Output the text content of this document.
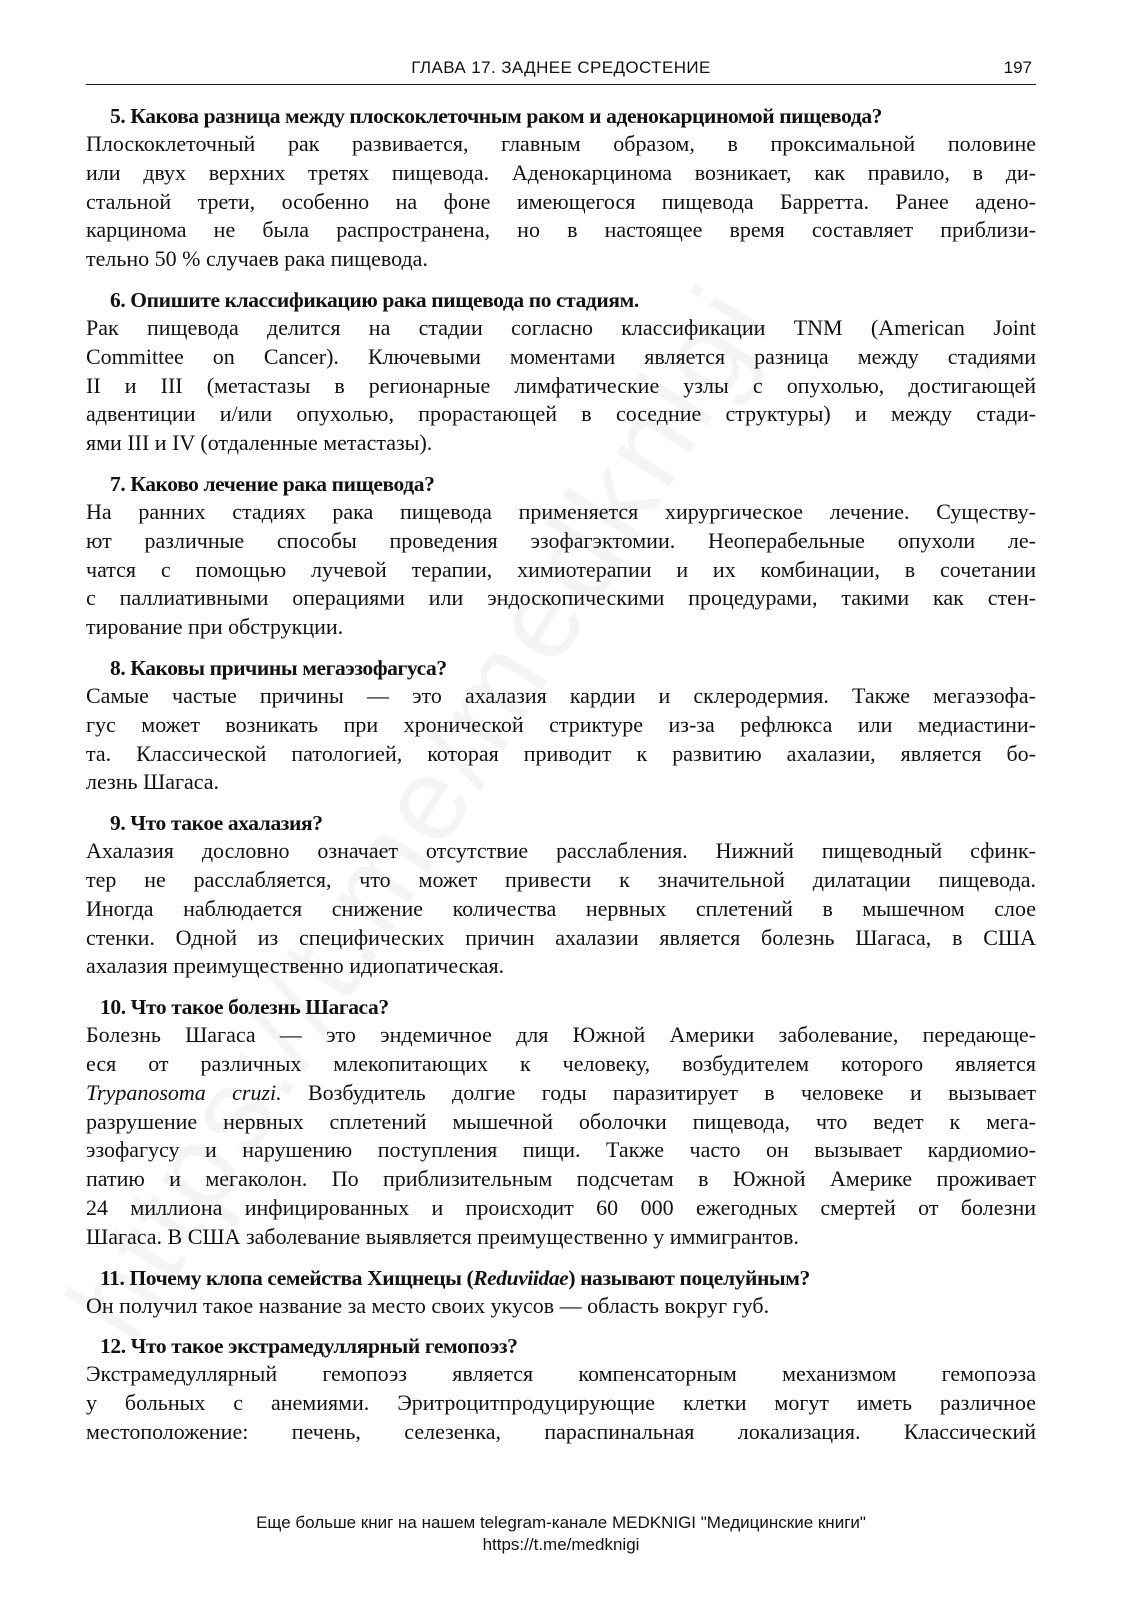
ГЛАВА 17. ЗАДНЕЕ СРЕДОСТЕНИЕ	197
5. Какова разница между плоскоклеточным раком и аденокарциномой пищевода?
Плоскоклеточный рак развивается, главным образом, в проксимальной половине
или двух верхних третях пищевода. Аденокарцинома возникает, как правило, в ди-
стальной трети, особенно на фоне имеющегося пищевода Барретта. Ранее адено-
карцинома не была распространена, но в настоящее время составляет приблизи-
тельно 50 % случаев рака пищевода.
6. Опишите классификацию рака пищевода по стадиям.
Рак пищевода делится на стадии согласно классификации TNM (American Joint
Committee on Cancer). Ключевыми моментами является разница между стадиями
II и III (метастазы в регионарные лимфатические узлы с опухолью, достигающей
адвентиции и/или опухолью, прорастающей в соседние структуры) и между стади-
ями III и IV (отдаленные метастазы).
7. Каково лечение рака пищевода?
На ранних стадиях рака пищевода применяется хирургическое лечение. Существу-
ют различные способы проведения эзофагэктомии. Неоперабельные опухоли ле-
чатся с помощью лучевой терапии, химиотерапии и их комбинации, в сочетании
с паллиативными операциями или эндоскопическими процедурами, такими как стен-
тирование при обструкции.
8. Каковы причины мегаэзофагуса?
Самые частые причины — это ахалазия кардии и склеродермия. Также мегаэзофа-
гус может возникать при хронической стриктуре из-за рефлюкса или медиастини-
та. Классической патологией, которая приводит к развитию ахалазии, является бо-
лезнь Шагаса.
9. Что такое ахалазия?
Ахалазия дословно означает отсутствие расслабления. Нижний пищеводный сфинк-
тер не расслабляется, что может привести к значительной дилатации пищевода.
Иногда наблюдается снижение количества нервных сплетений в мышечном слое
стенки. Одной из специфических причин ахалазии является болезнь Шагаса, в США
ахалазия преимущественно идиопатическая.
10. Что такое болезнь Шагаса?
Болезнь Шагаса — это эндемичное для Южной Америки заболевание, передающе-
еся от различных млекопитающих к человеку, возбудителем которого является
Trypanosoma cruzi. Возбудитель долгие годы паразитирует в человеке и вызывает
разрушение нервных сплетений мышечной оболочки пищевода, что ведет к мега-
эзофагусу и нарушению поступления пищи. Также часто он вызывает кардиомио-
патию и мегаколон. По приблизительным подсчетам в Южной Америке проживает
24 миллиона инфицированных и происходит 60 000 ежегодных смертей от болезни
Шагаса. В США заболевание выявляется преимущественно у иммигрантов.
11. Почему клопа семейства Хищнецы (Reduviidae) называют поцелуйным?
Он получил такое название за место своих укусов — область вокруг губ.
12. Что такое экстрамедуллярный гемопоэз?
Экстрамедуллярный гемопоэз является компенсаторным механизмом гемопоэза
у больных с анемиями. Эритроцитпродуцирующие клетки могут иметь различное
местоположение: печень, селезенка, параспинальная локализация. Классический
Еще больше книг на нашем telegram-канале MEDKNIGI "Медицинские книги"
https://t.me/medknigi
